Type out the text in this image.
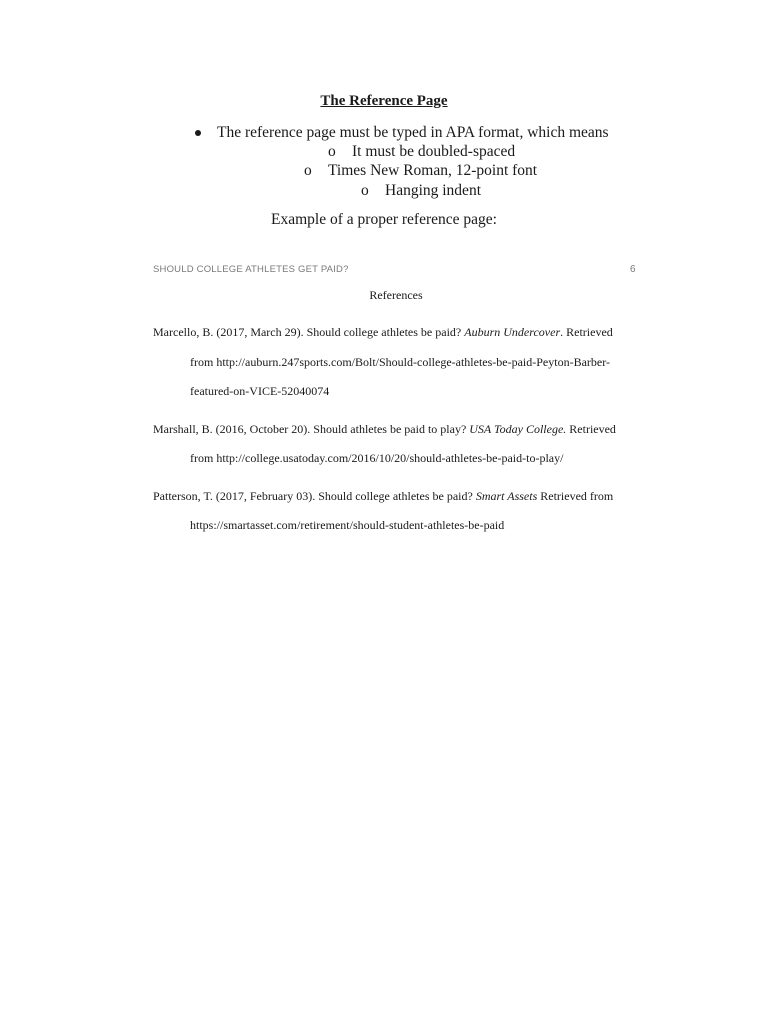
The Reference Page
The reference page must be typed in APA format, which means
o It must be doubled-spaced
o Times New Roman, 12-point font
o Hanging indent
Example of a proper reference page:
SHOULD COLLEGE ATHLETES GET PAID?	6
References
Marcello, B. (2017, March 29). Should college athletes be paid? Auburn Undercover. Retrieved
from http://auburn.247sports.com/Bolt/Should-college-athletes-be-paid-Peyton-Barber-
featured-on-VICE-52040074
Marshall, B. (2016, October 20). Should athletes be paid to play? USA Today College. Retrieved
from http://college.usatoday.com/2016/10/20/should-athletes-be-paid-to-play/
Patterson, T. (2017, February 03). Should college athletes be paid? Smart Assets Retrieved from
https://smartasset.com/retirement/should-student-athletes-be-paid
